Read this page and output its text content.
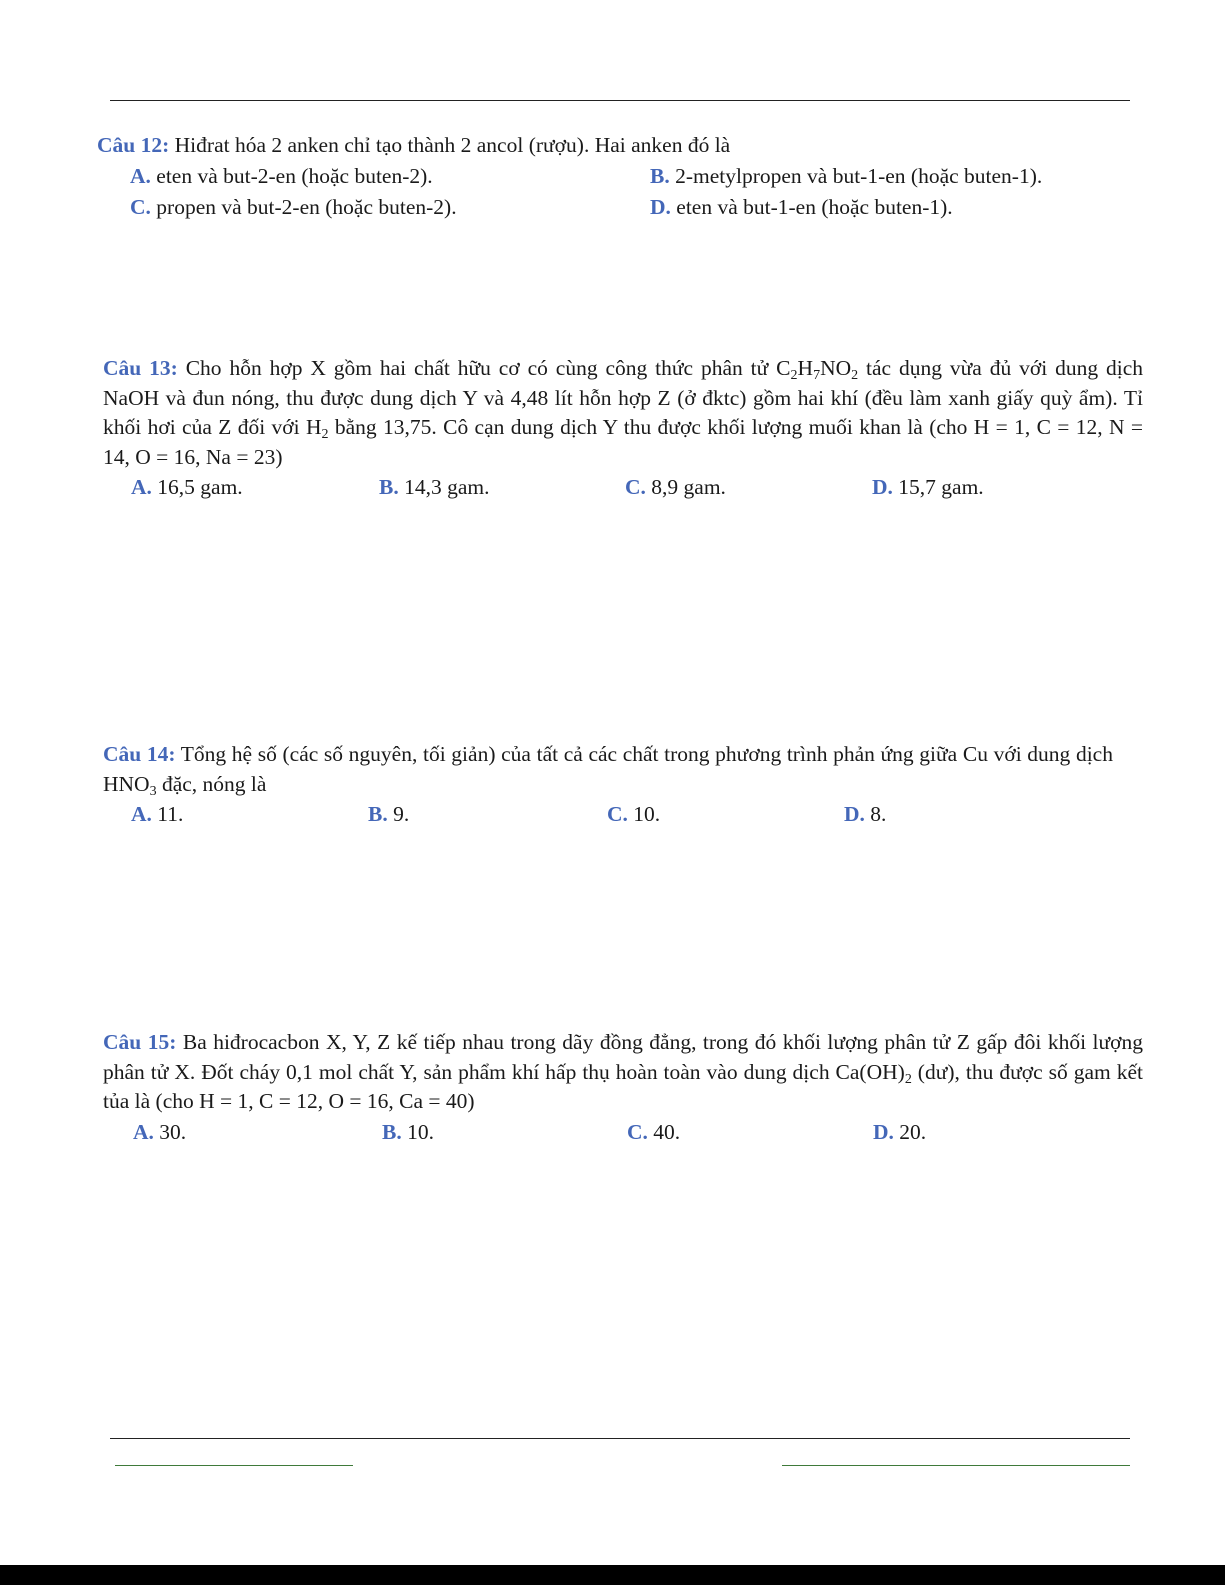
Câu 12: Hiđrat hóa 2 anken chỉ tạo thành 2 ancol (rượu). Hai anken đó là

A. eten và but-2-en (hoặc buten-2).	B. 2-metylpropen và but-1-en (hoặc buten-1).
C. propen và but-2-en (hoặc buten-2).	D. eten và but-1-en (hoặc buten-1).

Câu 13: Cho hỗn hợp X gồm hai chất hữu cơ có cùng công thức phân tử $C_2H_7NO_2$ tác dụng vừa đủ với dung dịch NaOH và đun nóng, thu được dung dịch Y và 4,48 lít hỗn hợp Z (ở đktc) gồm hai khí (đều làm xanh giấy quỳ ẩm). Tỉ khối hơi của Z đối với $H_2$ bằng 13,75. Cô cạn dung dịch Y thu được khối lượng muối khan là (cho H = 1, C = 12, N = 14, O = 16, Na = 23)

A. 16,5 gam.	B. 14,3 gam.	C. 8,9 gam.	D. 15,7 gam.

Câu 14: Tổng hệ số (các số nguyên, tối giản) của tất cả các chất trong phương trình phản ứng giữa Cu với dung dịch $HNO_3$ đặc, nóng là

A. 11.	B. 9.	C. 10.	D. 8.

Câu 15: Ba hiđrocacbon X, Y, Z kế tiếp nhau trong dãy đồng đẳng, trong đó khối lượng phân tử Z gấp đôi khối lượng phân tử X. Đốt cháy 0,1 mol chất Y, sản phẩm khí hấp thụ hoàn toàn vào dung dịch $Ca(OH)_2$ (dư), thu được số gam kết tủa là (cho H = 1, C = 12, O = 16, Ca = 40)

A. 30.	B. 10.	C. 40.	D. 20.
